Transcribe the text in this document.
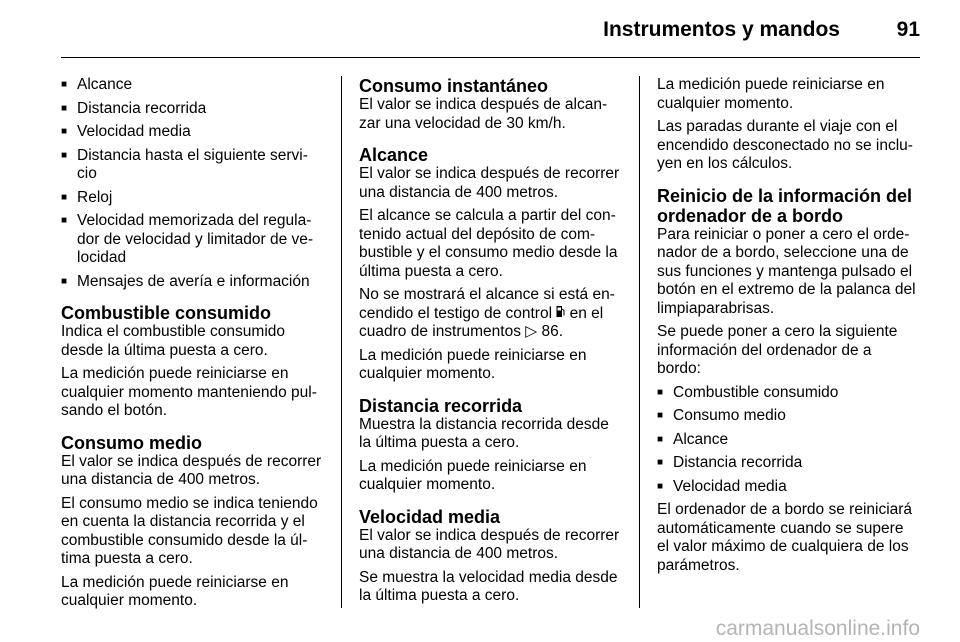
Instrumentos y mandos	91
■ Alcance
■ Distancia recorrida
■ Velocidad media
■ Distancia hasta el siguiente servi-
cio
■ Reloj
■ Velocidad memorizada del regula-
dor de velocidad y limitador de ve-
locidad
■ Mensajes de avería e información
Combustible consumido

Indica el combustible consumido
desde la última puesta a cero.

La medición puede reiniciarse en
cualquier momento manteniendo pul-
sando el botón.

Consumo medio

El valor se indica después de recorrer
una distancia de 400 metros.

El consumo medio se indica teniendo
en cuenta la distancia recorrida y el
combustible consumido desde la úl-
tima puesta a cero.

La medición puede reiniciarse en
cualquier momento.

Consumo instantáneo

El valor se indica después de alcan-
zar una velocidad de 30 km/h.

Alcance

El valor se indica después de recorrer
una distancia de 400 metros.

El alcance se calcula a partir del con-
tenido actual del depósito de com-
bustible y el consumo medio desde la
última puesta a cero.

No se mostrará el alcance si está en-
cendido el testigo de control  en el
cuadro de instrumentos ▷ 86.

La medición puede reiniciarse en
cualquier momento.

Distancia recorrida

Muestra la distancia recorrida desde
la última puesta a cero.

La medición puede reiniciarse en
cualquier momento.

Velocidad media

El valor se indica después de recorrer
una distancia de 400 metros.

Se muestra la velocidad media desde
la última puesta a cero.

La medición puede reiniciarse en
cualquier momento.

Las paradas durante el viaje con el
encendido desconectado no se inclu-
yen en los cálculos.

Reinicio de la información del
ordenador de a bordo

Para reiniciar o poner a cero el orde-
nador de a bordo, seleccione una de
sus funciones y mantenga pulsado el
botón en el extremo de la palanca del
limpiaparabrisas.

Se puede poner a cero la siguiente
información del ordenador de a
bordo:

■ Combustible consumido
■ Consumo medio
■ Alcance
■ Distancia recorrida
■ Velocidad media

El ordenador de a bordo se reiniciará
automáticamente cuando se supere
el valor máximo de cualquiera de los
parámetros.

carmanualsonline.info
